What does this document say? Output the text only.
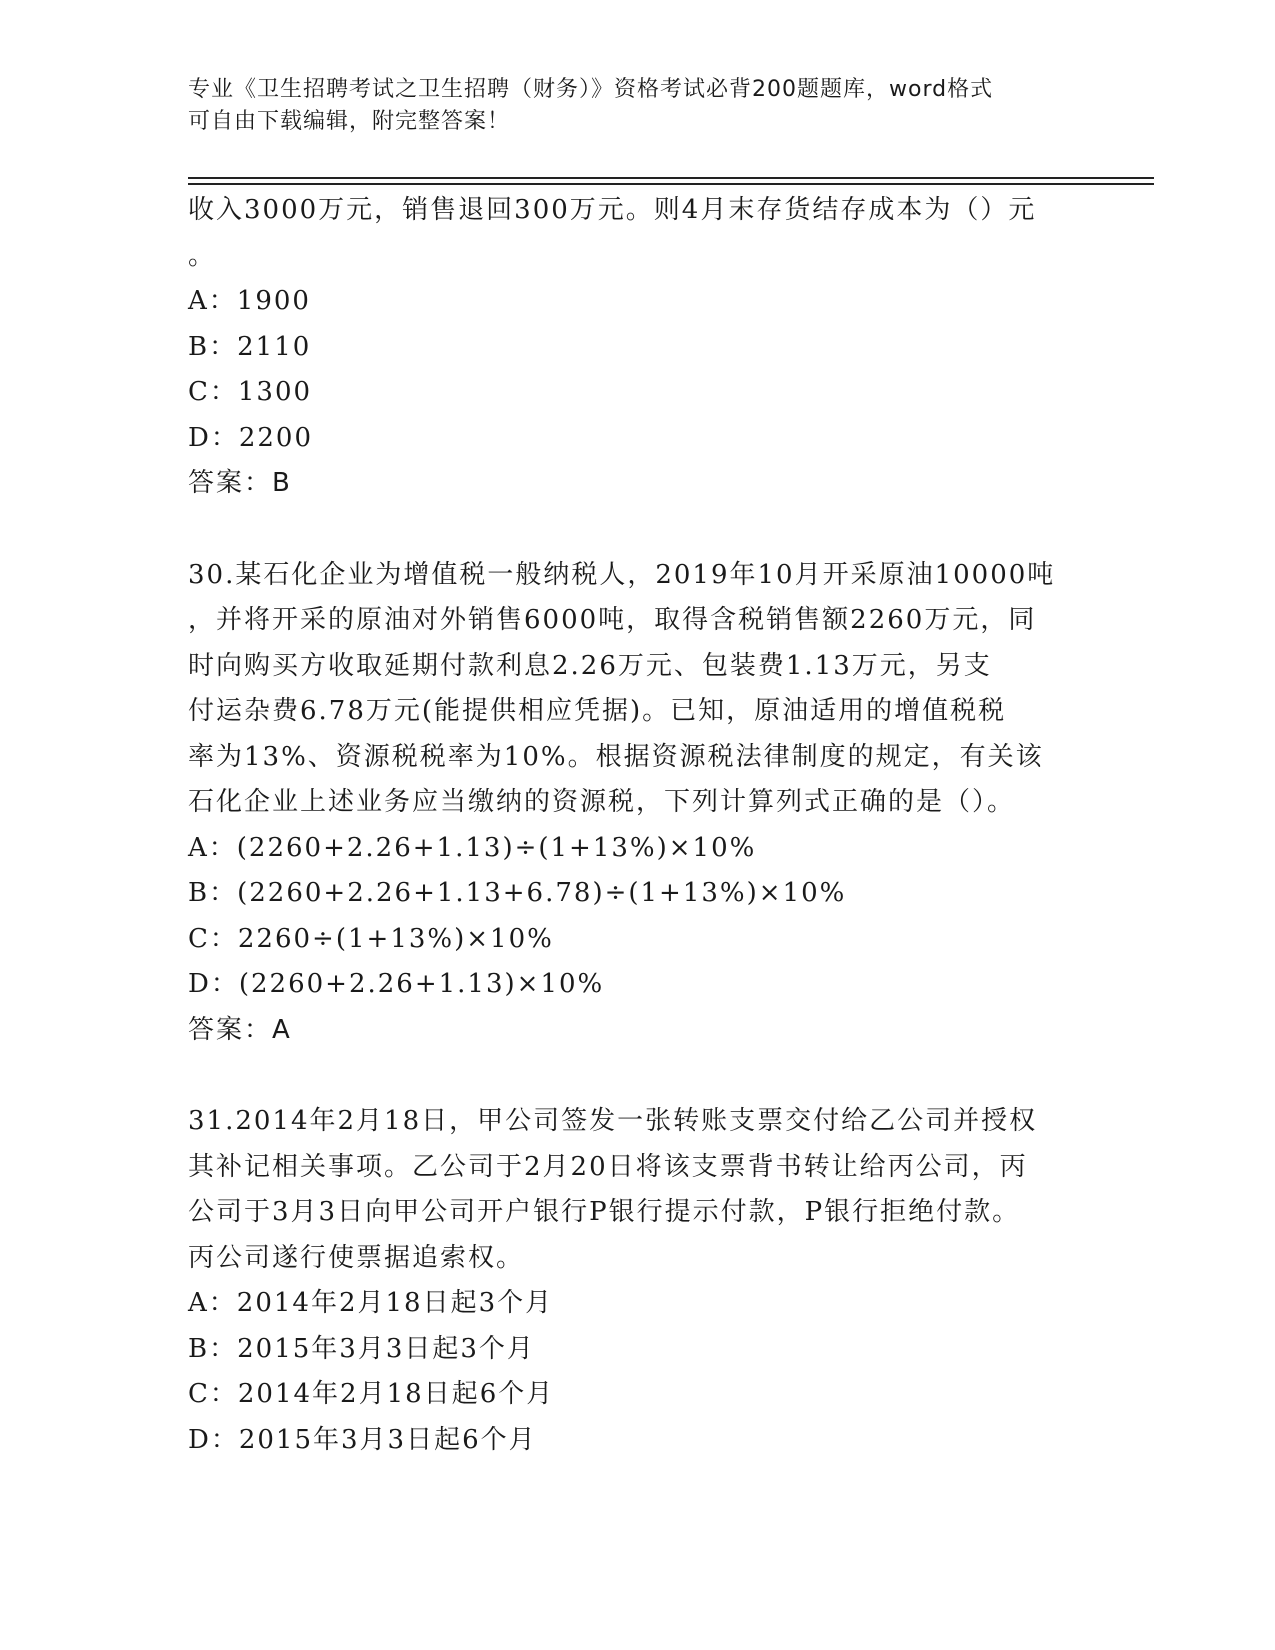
专业《卫生招聘考试之卫生招聘（财务）》资格考试必背200题题库，word格式
可自由下载编辑，附完整答案！
收入3000万元，销售退回300万元。则4月末存货结存成本为（）元
。
A：1900
B：2110
C：1300
D：2200
答案：B
30.某石化企业为增值税一般纳税人，2019年10月开采原油10000吨
，并将开采的原油对外销售6000吨，取得含税销售额2260万元，同
时向购买方收取延期付款利息2.26万元、包装费1.13万元，另支
付运杂费6.78万元(能提供相应凭据)。已知，原油适用的增值税税
率为13%、资源税税率为10%。根据资源税法律制度的规定，有关该
石化企业上述业务应当缴纳的资源税，下列计算列式正确的是（）。
A：(2260+2.26+1.13)÷(1+13%)×10%
B：(2260+2.26+1.13+6.78)÷(1+13%)×10%
C：2260÷(1+13%)×10%
D：(2260+2.26+1.13)×10%
答案：A
31.2014年2月18日，甲公司签发一张转账支票交付给乙公司并授权
其补记相关事项。乙公司于2月20日将该支票背书转让给丙公司，丙
公司于3月3日向甲公司开户银行P银行提示付款，P银行拒绝付款。
丙公司遂行使票据追索权。
A：2014年2月18日起3个月
B：2015年3月3日起3个月
C：2014年2月18日起6个月
D：2015年3月3日起6个月
